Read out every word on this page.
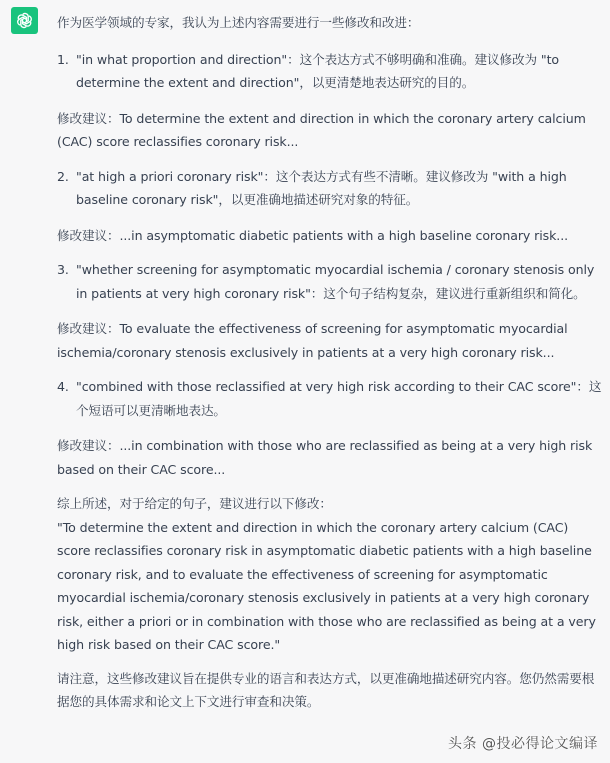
作为医学领域的专家，我认为上述内容需要进行一些修改和改进：

1. "in what proportion and direction"：这个表达方式不够明确和准确。建议修改为 "to determine the extent and direction"，以更清楚地表达研究的目的。

修改建议：To determine the extent and direction in which the coronary artery calcium (CAC) score reclassifies coronary risk...

2. "at high a priori coronary risk"：这个表达方式有些不清晰。建议修改为 "with a high baseline coronary risk"，以更准确地描述研究对象的特征。

修改建议：...in asymptomatic diabetic patients with a high baseline coronary risk...

3. "whether screening for asymptomatic myocardial ischemia / coronary stenosis only in patients at very high coronary risk"：这个句子结构复杂，建议进行重新组织和简化。

修改建议：To evaluate the effectiveness of screening for asymptomatic myocardial ischemia/coronary stenosis exclusively in patients at a very high coronary risk...

4. "combined with those reclassified at very high risk according to their CAC score"：这个短语可以更清晰地表达。

修改建议：...in combination with those who are reclassified as being at a very high risk based on their CAC score...

综上所述，对于给定的句子，建议进行以下修改：

"To determine the extent and direction in which the coronary artery calcium (CAC) score reclassifies coronary risk in asymptomatic diabetic patients with a high baseline coronary risk, and to evaluate the effectiveness of screening for asymptomatic myocardial ischemia/coronary stenosis exclusively in patients at a very high coronary risk, either a priori or in combination with those who are reclassified as being at a very high risk based on their CAC score."

请注意，这些修改建议旨在提供专业的语言和表达方式，以更准确地描述研究内容。您仍然需要根据您的具体需求和论文上下文进行审查和决策。

头条 @投必得论文编译
